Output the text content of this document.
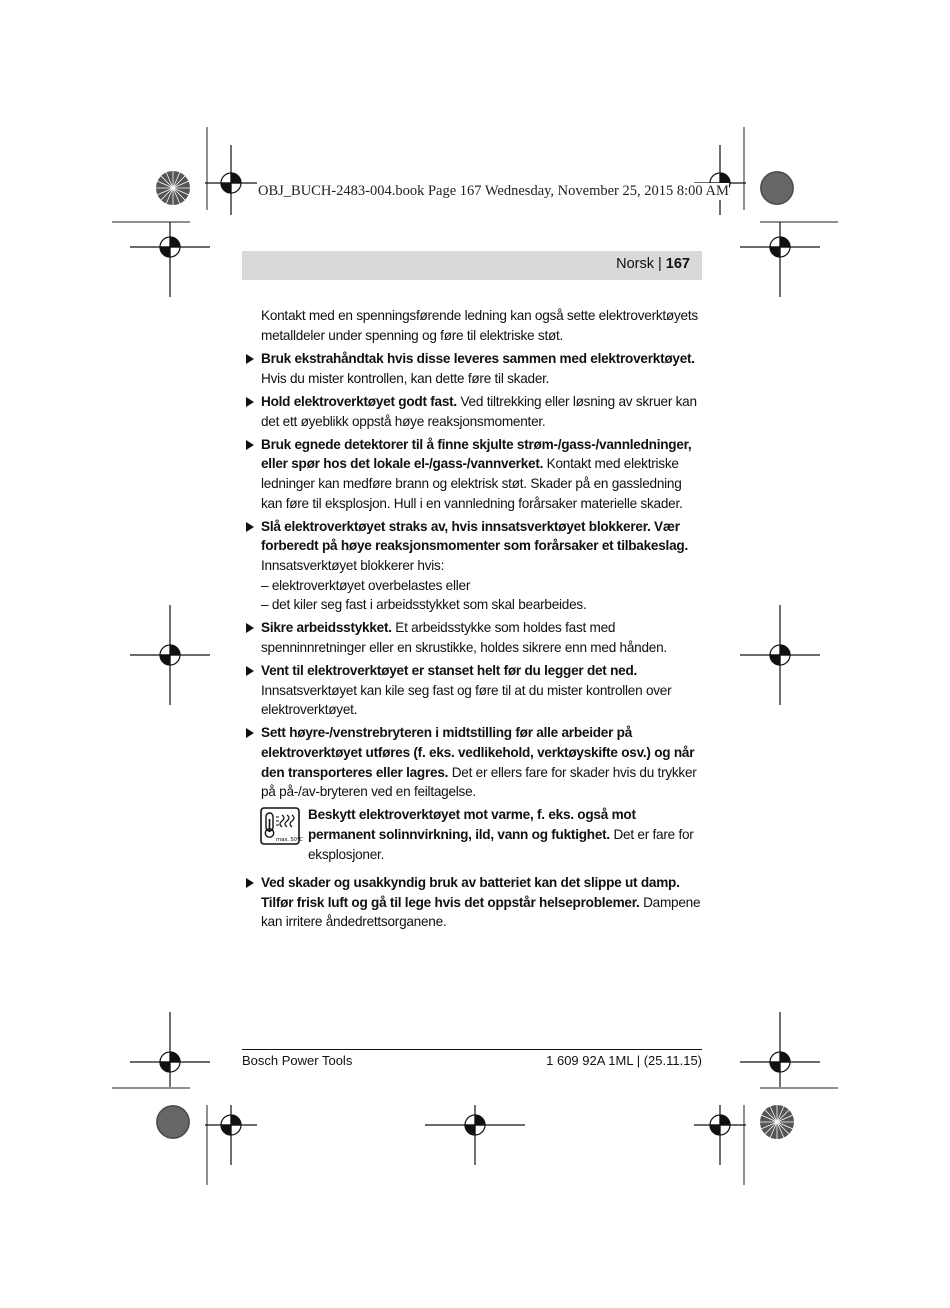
OBJ_BUCH-2483-004.book Page 167 Wednesday, November 25, 2015 8:00 AM
Norsk | 167

Kontakt med en spenningsførende ledning kan også sette elektroverktøyets metalldeler under spenning og føre til elektriske støt.

Bruk ekstrahåndtak hvis disse leveres sammen med elektroverktøyet. Hvis du mister kontrollen, kan dette føre til skader.
Hold elektroverktøyet godt fast. Ved tiltrekking eller løsning av skruer kan det ett øyeblikk oppstå høye reaksjonsmomenter.
Bruk egnede detektorer til å finne skjulte strøm-/gass-/vannledninger, eller spør hos det lokale el-/gass-/vannverket. Kontakt med elektriske ledninger kan medføre brann og elektrisk støt. Skader på en gassledning kan føre til eksplosjon. Hull i en vannledning forårsaker materielle skader.
Slå elektroverktøyet straks av, hvis innsatsverktøyet blokkerer. Vær forberedt på høye reaksjonsmomenter som forårsaker et tilbakeslag. Innsatsverktøyet blokkerer hvis:
– elektroverktøyet overbelastes eller
– det kiler seg fast i arbeidsstykket som skal bearbeides.
Sikre arbeidsstykket. Et arbeidsstykke som holdes fast med spenninnretninger eller en skrustikke, holdes sikrere enn med hånden.
Vent til elektroverktøyet er stanset helt før du legger det ned. Innsatsverktøyet kan kile seg fast og føre til at du mister kontrollen over elektroverktøyet.
Sett høyre-/venstrebryteren i midtstilling før alle arbeider på elektroverktøyet utføres (f. eks. vedlikehold, verktøyskifte osv.) og når den transporteres eller lagres. Det er ellers fare for skader hvis du trykker på på-/av-bryteren ved en feiltagelse.
max. 50°C
Beskytt elektroverktøyet mot varme, f. eks. også mot permanent solinnvirkning, ild, vann og fuktighet. Det er fare for eksplosjoner.
Ved skader og usakkyndig bruk av batteriet kan det slippe ut damp. Tilfør frisk luft og gå til lege hvis det oppstår helseproblemer. Dampene kan irritere åndedrettsorganene.
Bosch Power Tools	1 609 92A 1ML | (25.11.15)
